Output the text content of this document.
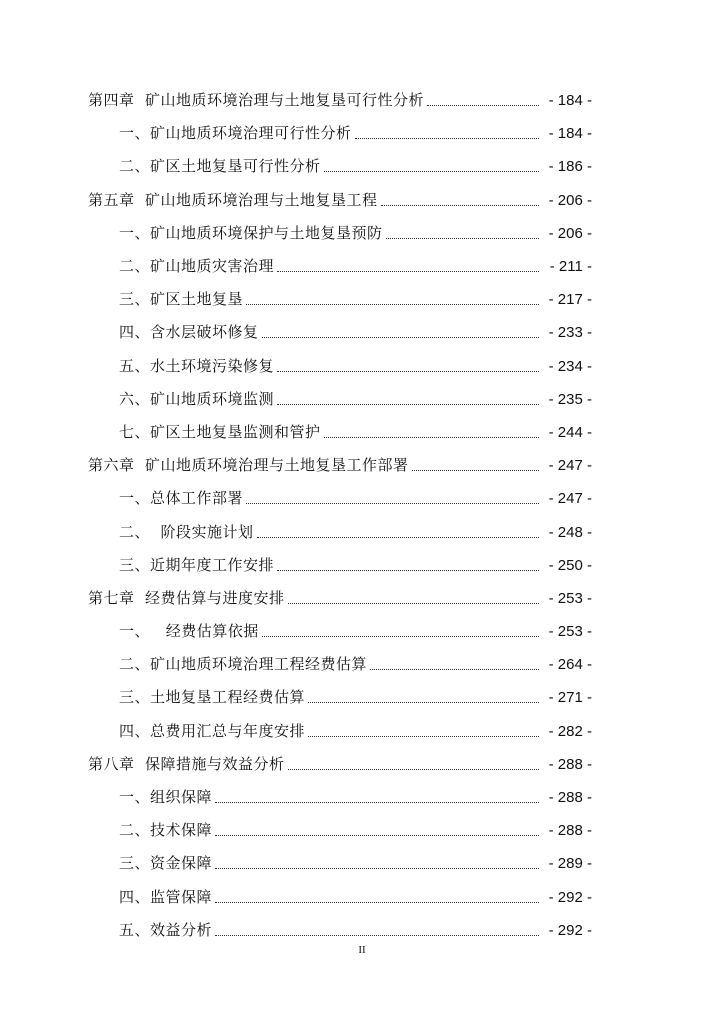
第四章  矿山地质环境治理与土地复垦可行性分析	- 184 -
一、矿山地质环境治理可行性分析	- 184 -
二、矿区土地复垦可行性分析	- 186 -
第五章  矿山地质环境治理与土地复垦工程	- 206 -
一、矿山地质环境保护与土地复垦预防	- 206 -
二、矿山地质灾害治理	- 211 -
三、矿区土地复垦	- 217 -
四、含水层破坏修复	- 233 -
五、水土环境污染修复	- 234 -
六、矿山地质环境监测	- 235 -
七、矿区土地复垦监测和管护	- 244 -
第六章  矿山地质环境治理与土地复垦工作部署	- 247 -
一、总体工作部署	- 247 -
二、  阶段实施计划	- 248 -
三、近期年度工作安排	- 250 -
第七章  经费估算与进度安排	- 253 -
一、   经费估算依据	- 253 -
二、矿山地质环境治理工程经费估算	- 264 -
三、土地复垦工程经费估算	- 271 -
四、总费用汇总与年度安排	- 282 -
第八章  保障措施与效益分析	- 288 -
一、组织保障	- 288 -
二、技术保障	- 288 -
三、资金保障	- 289 -
四、监管保障	- 292 -
五、效益分析	- 292 -
II
